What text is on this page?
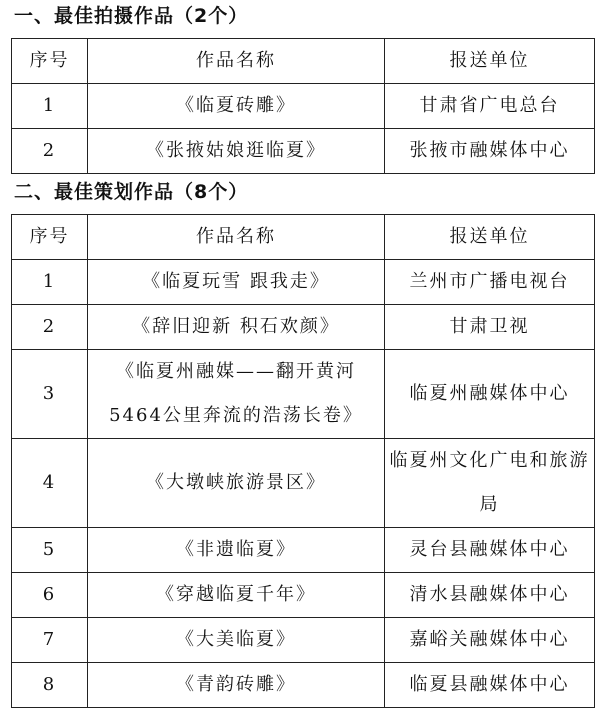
一、最佳拍摄作品（2个）
序号	作品名称	报送单位
1	《临夏砖雕》	甘肃省广电总台
2	《张掖姑娘逛临夏》	张掖市融媒体中心
二、最佳策划作品（8个）
序号	作品名称	报送单位
1	《临夏玩雪 跟我走》	兰州市广播电视台
2	《辞旧迎新 积石欢颜》	甘肃卫视
3	《临夏州融媒——翻开黄河5464公里奔流的浩荡长卷》	临夏州融媒体中心
4	《大墩峡旅游景区》	临夏州文化广电和旅游局
5	《非遗临夏》	灵台县融媒体中心
6	《穿越临夏千年》	清水县融媒体中心
7	《大美临夏》	嘉峪关融媒体中心
8	《青韵砖雕》	临夏县融媒体中心
